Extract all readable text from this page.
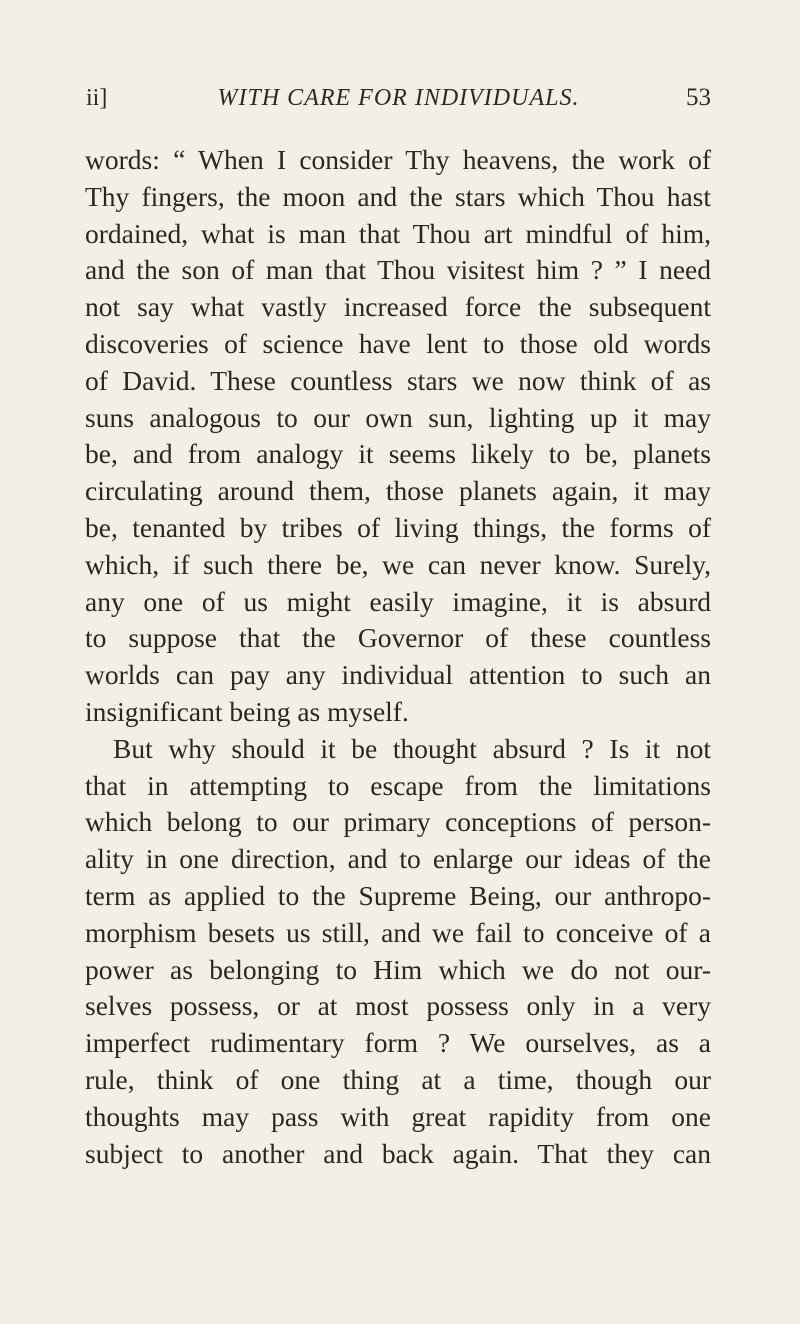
ii]	WITH CARE FOR INDIVIDUALS.	53
words: “ When I consider Thy heavens, the work of
Thy fingers, the moon and the stars which Thou hast
ordained, what is man that Thou art mindful of him,
and the son of man that Thou visitest him ? ” I need
not say what vastly increased force the subsequent
discoveries of science have lent to those old words
of David. These countless stars we now think of as
suns analogous to our own sun, lighting up it may
be, and from analogy it seems likely to be, planets
circulating around them, those planets again, it may
be, tenanted by tribes of living things, the forms of
which, if such there be, we can never know. Surely,
any one of us might easily imagine, it is absurd
to suppose that the Governor of these countless
worlds can pay any individual attention to such an
insignificant being as myself.
But why should it be thought absurd ? Is it not
that in attempting to escape from the limitations
which belong to our primary conceptions of person-
ality in one direction, and to enlarge our ideas of the
term as applied to the Supreme Being, our anthropo-
morphism besets us still, and we fail to conceive of a
power as belonging to Him which we do not our-
selves possess, or at most possess only in a very
imperfect rudimentary form ? We ourselves, as a
rule, think of one thing at a time, though our
thoughts may pass with great rapidity from one
subject to another and back again. That they can
